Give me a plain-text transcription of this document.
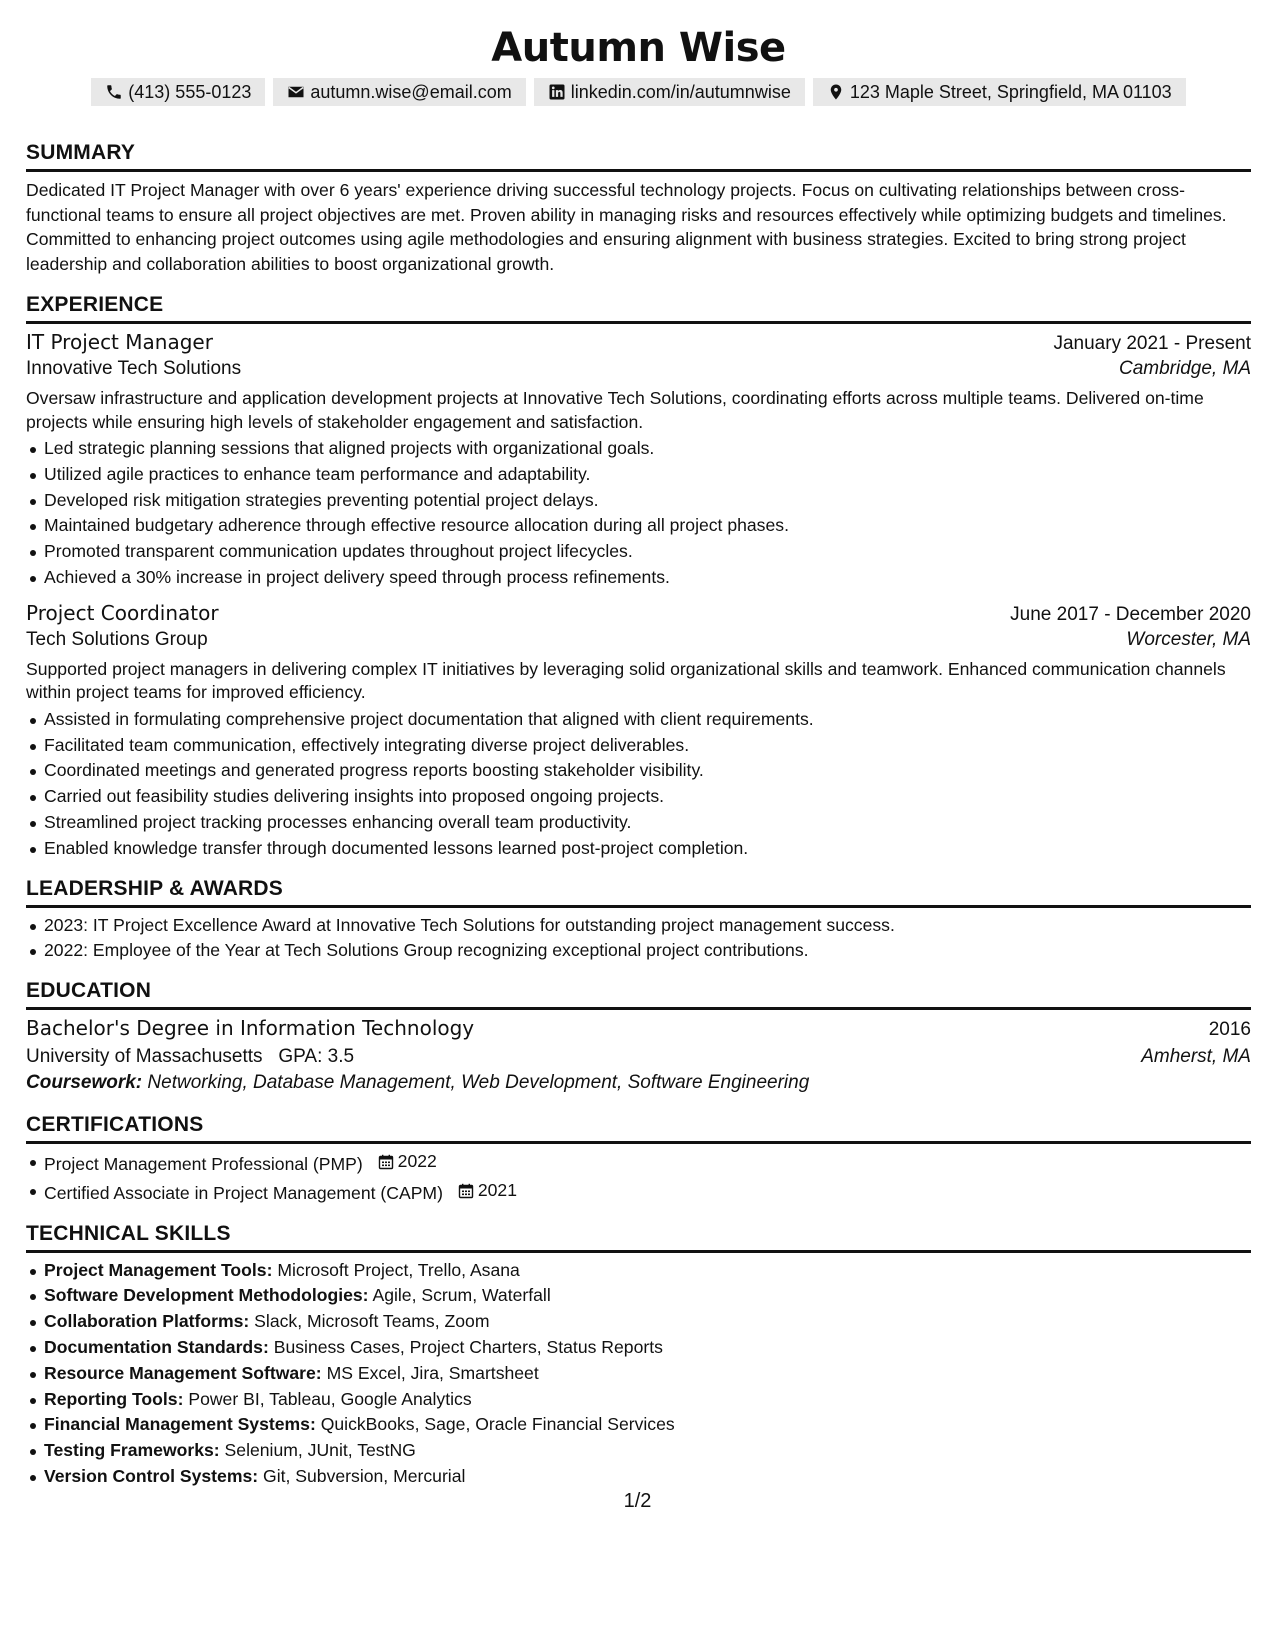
Autumn Wise
(413) 555-0123	autumn.wise@email.com	linkedin.com/in/autumnwise	123 Maple Street, Springfield, MA 01103
SUMMARY

Dedicated IT Project Manager with over 6 years' experience driving successful technology projects. Focus on cultivating relationships between cross-functional teams to ensure all project objectives are met. Proven ability in managing risks and resources effectively while optimizing budgets and timelines. Committed to enhancing project outcomes using agile methodologies and ensuring alignment with business strategies. Excited to bring strong project leadership and collaboration abilities to boost organizational growth.

EXPERIENCE
IT Project Manager	January 2021 - Present
Innovative Tech Solutions	Cambridge, MA

Oversaw infrastructure and application development projects at Innovative Tech Solutions, coordinating efforts across multiple teams. Delivered on-time projects while ensuring high levels of stakeholder engagement and satisfaction.

Led strategic planning sessions that aligned projects with organizational goals.
Utilized agile practices to enhance team performance and adaptability.
Developed risk mitigation strategies preventing potential project delays.
Maintained budgetary adherence through effective resource allocation during all project phases.
Promoted transparent communication updates throughout project lifecycles.
Achieved a 30% increase in project delivery speed through process refinements.
Project Coordinator	June 2017 - December 2020
Tech Solutions Group	Worcester, MA

Supported project managers in delivering complex IT initiatives by leveraging solid organizational skills and teamwork. Enhanced communication channels within project teams for improved efficiency.

Assisted in formulating comprehensive project documentation that aligned with client requirements.
Facilitated team communication, effectively integrating diverse project deliverables.
Coordinated meetings and generated progress reports boosting stakeholder visibility.
Carried out feasibility studies delivering insights into proposed ongoing projects.
Streamlined project tracking processes enhancing overall team productivity.
Enabled knowledge transfer through documented lessons learned post-project completion.
LEADERSHIP & AWARDS
2023: IT Project Excellence Award at Innovative Tech Solutions for outstanding project management success.
2022: Employee of the Year at Tech Solutions Group recognizing exceptional project contributions.
EDUCATION
Bachelor's Degree in Information Technology	2016
University of Massachusetts GPA: 3.5	Amherst, MA
Coursework: Networking, Database Management, Web Development, Software Engineering
CERTIFICATIONS
Project Management Professional (PMP) 2022
Certified Associate in Project Management (CAPM) 2021
TECHNICAL SKILLS
Project Management Tools: Microsoft Project, Trello, Asana
Software Development Methodologies: Agile, Scrum, Waterfall
Collaboration Platforms: Slack, Microsoft Teams, Zoom
Documentation Standards: Business Cases, Project Charters, Status Reports
Resource Management Software: MS Excel, Jira, Smartsheet
Reporting Tools: Power BI, Tableau, Google Analytics
Financial Management Systems: QuickBooks, Sage, Oracle Financial Services
Testing Frameworks: Selenium, JUnit, TestNG
Version Control Systems: Git, Subversion, Mercurial
1/2
